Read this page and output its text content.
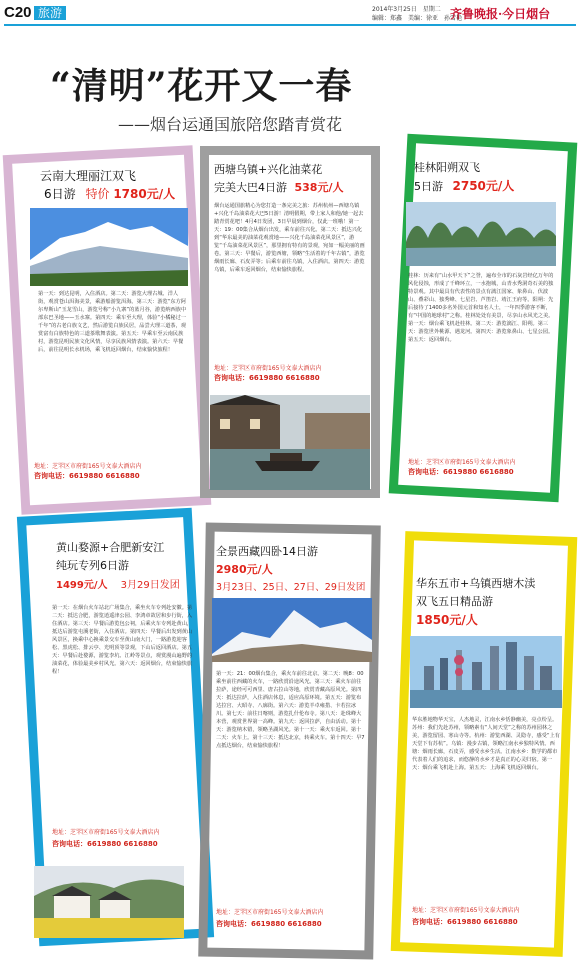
C20 旅游	2014年3月25日　星期二
编辑：郑鑫　美编：徐亚　孙雪艳
齐鲁晚报·今日烟台
“清明”花开又一春
——烟台运通国旅陪您踏青赏花
云南大理丽江双飞
6日游 特价 1780元/人
第一天：到达昆明，入住酒店。第二天：游览大理古城、洋人街，观赏苍山洱海美景，乘游船游览洱海。第三天：游览“东方阿尔卑斯山”玉龙雪山，游览号称“小九寨”的蓝月谷，游览纳西族中部东巴圣地——玉水寨。第四天：乘车至大理，体验“小橘秘过一千年”的古老白族文艺，然后游览白族民居，品尝大理三道茶，观赏富有白族特色的三道茶歌舞表演。第五天：早乘车至云南民族村，游览昆明民族文化风情，尽享民族风情表演。第六天：早餐后，前往昆明长水机场，乘飞机返回烟台，结束愉快旅程！
地址：芝罘区市府街165号文泰大酒店内
咨询电话：6619880 6616880
西塘乌镇+兴化油菜花
完美大巴4日游 538元/人
烟台运通国旅精心为您打造一条完美之旅：苏州杭州—西塘乌镇+兴化千岛油菜花大巴5日游！清明假期，带上家人和他/她一起去踏青赏花吧！4月4日发团，3日早晨到烟台，仅此一班哦！第一天：19：00集合从烟台出发，乘车前往兴化。第二天：抵达兴化到“华东最美的油菜花观赏地——兴化千岛油菜花风景区”，游览“千岛油菜花风景区”，那里拥有特有的景观，宛如一幅美丽的画卷。第三天：早餐后，游览西塘，领略“生活着的千年古镇”，游览烟雨长廊、石皮弄等；后乘车前往乌镇，入住酒店。第四天：游览乌镇，后乘车返回烟台，结束愉快旅程。
地址：芝罘区市府街165号文泰大酒店内
咨询电话：6619880 6616880
桂林阳朔双飞
5日游 2750元/人
桂林：历来有“山水甲天下”之誉，遍布全市的石灰岩经亿万年的风化侵蚀，形成了千峰环立，一水抱城，山青水秀洞奇石美的独特景观。其中最具有代表性的景点有漓江国家、象鼻山、伏波山、叠彩山、独秀峰、七星岩、芦笛岩、靖江王府等。阳朔：先后接待了1400多名外国元首和知名人士，一年四季游客不断，有“中国的地球村”之称。桂林处处有美景，尽享山水风光之美。第一天：烟台乘飞机赴桂林。第二天：游览漓江、阳朔。第三天：游览世外桃源、遇龙河。第四天：游览象鼻山、七星公园。第五天：返回烟台。
地址：芝罘区市府街165号文泰大酒店内
咨询电话：6619880 6616880
黄山婺源+合肥新安江
纯玩专列6日游
1499元/人 3月29日发团
第一天：在烟台火车站北广场集合，乘坐火车专列赴安徽。第二天：抵达合肥，游览逍遥津公园、李鸿章故居和步行街，入住酒店。第三天：早餐后游览包公祠，后乘火车专列赴黄山，抵达后游览屯溪老街，入住酒店。第四天：早餐后出发到黄山风景区，换乘中心换乘景交车至黄山南大门，一路游览迎客松、黑虎松、排云亭、光明顶等景观，下山后返回酒店。第五天：早餐后赴婺源，游览李坑、江岭等景点，观赏漫山遍野的油菜花，体验最美乡村风光。第六天：返回烟台，结束愉快旅程！
地址：芝罘区市府街165号文泰大酒店内
咨询电话：6619880 6616880
全景西藏四卧14日游
2980元/人
3月23日、25日、27日、29日发团
第一天：21：00烟台集合，乘火车前往北京。第二天：晚8：00乘坐前往西藏的火车，一路欣赏沿途风光。第三天：乘火车前往拉萨，途经可可西里、唐古拉山等地，欣赏青藏高原风光。第四天：抵达拉萨，入住酒店休息，适应高原环境。第五天：游览布达拉宫、大昭寺、八廓街。第六天：游览羊卓雍措、卡若拉冰川。第七天：前往日喀则，游览扎什伦布寺。第八天：赴珠峰大本营，观赏世界第一高峰。第九天：返回拉萨，自由活动。第十天：游览纳木错，领略圣湖风光。第十一天：乘火车返回。第十二天：火车上。第十三天：抵达北京，转乘火车。第十四天：早7点抵达烟台，结束愉快旅程！
地址：芝罘区市府街165号文泰大酒店内
咨询电话：6619880 6616880
华东五市+乌镇西塘木渎
双飞五日精品游
1850元/人
华东胜地物华天宝，人杰地灵，江南水乡恬静幽美，亮点纷呈。苏州：我们先赴苏州，领略素有“人间天堂”之称的苏州园林之美，游览留园、寒山寺等。杭州：游览西湖、灵隐寺，感受“上有天堂下有苏杭”。乌镇：漫步古镇，领略江南水乡独特风情。西塘：烟雨长廊，石皮弄，感受水乡生活。江南水乡：数学的都市代表着人们的追求，而悠静的水乡才是真正的心灵归宿。第一天：烟台乘飞机赴上海。第五天：上海乘飞机返回烟台。
地址：芝罘区市府街165号文泰大酒店内
咨询电话：6619880 6616880
